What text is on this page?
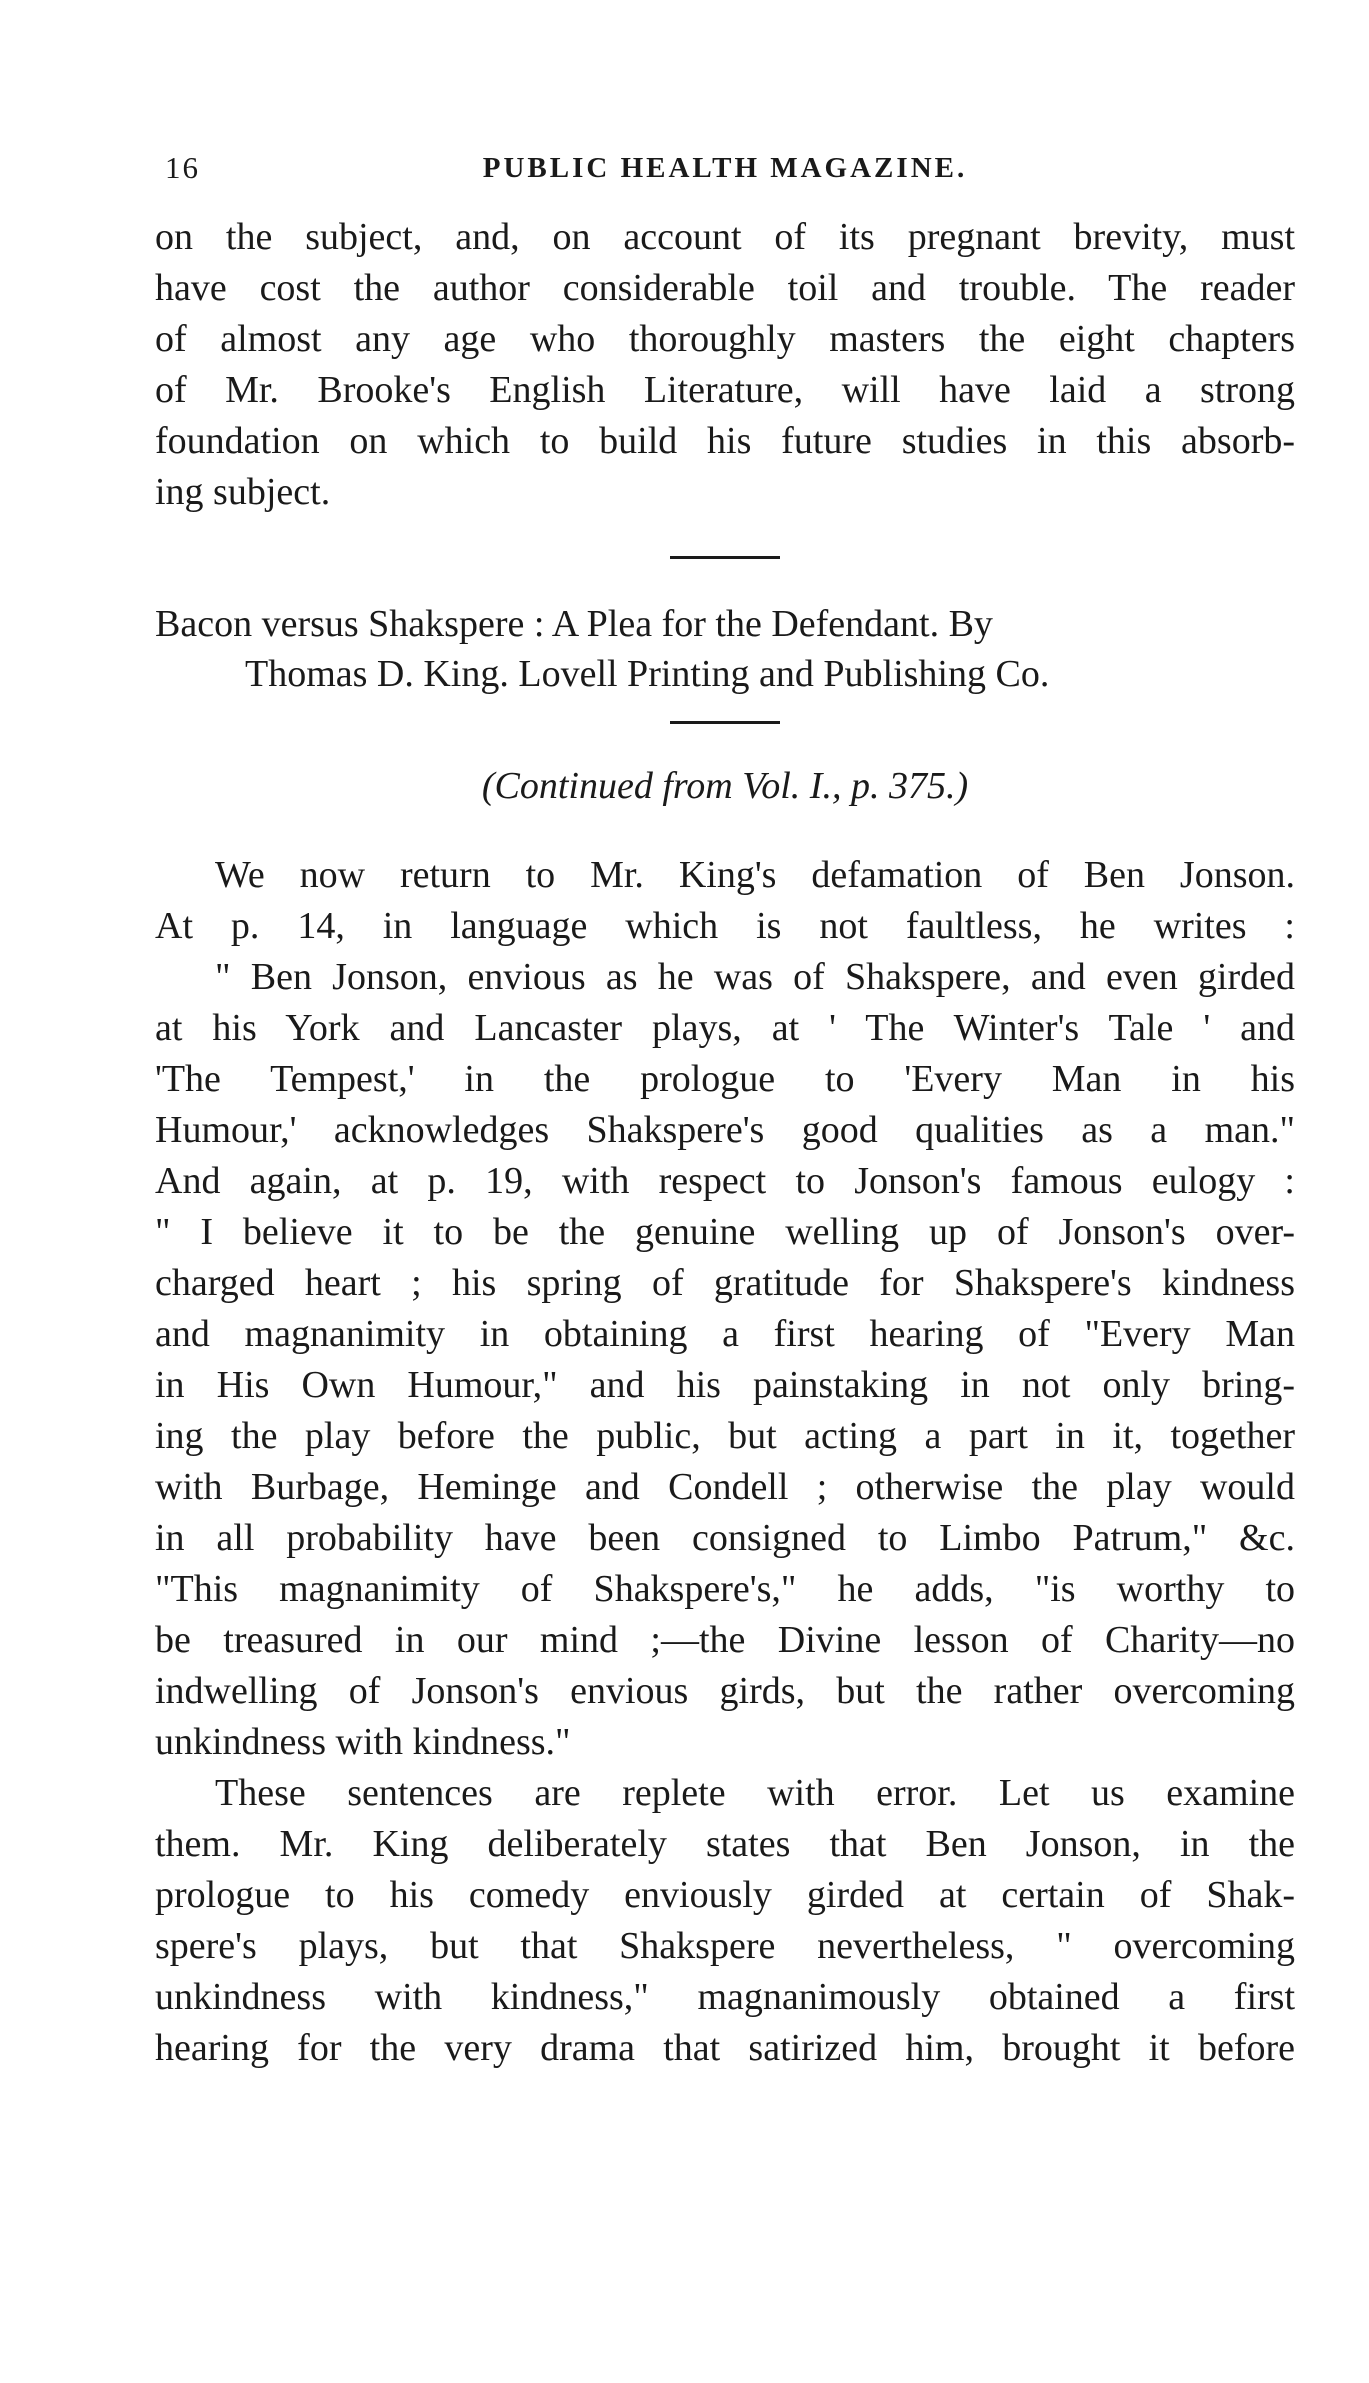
16	PUBLIC HEALTH MAGAZINE.
on the subject, and, on account of its pregnant brevity, must
have cost the author considerable toil and trouble. The reader
of almost any age who thoroughly masters the eight chapters
of Mr. Brooke's English Literature, will have laid a strong
foundation on which to build his future studies in this absorb-
ing subject.
Bacon versus Shakspere : A Plea for the Defendant. By
Thomas D. King. Lovell Printing and Publishing Co.
(Continued from Vol. I., p. 375.)
We now return to Mr. King's defamation of Ben Jonson.
At p. 14, in language which is not faultless, he writes :
" Ben Jonson, envious as he was of Shakspere, and even girded
at his York and Lancaster plays, at ' The Winter's Tale ' and
'The Tempest,' in the prologue to 'Every Man in his
Humour,' acknowledges Shakspere's good qualities as a man."
And again, at p. 19, with respect to Jonson's famous eulogy :
" I believe it to be the genuine welling up of Jonson's over-
charged heart ; his spring of gratitude for Shakspere's kindness
and magnanimity in obtaining a first hearing of "Every Man
in His Own Humour," and his painstaking in not only bring-
ing the play before the public, but acting a part in it, together
with Burbage, Heminge and Condell ; otherwise the play would
in all probability have been consigned to Limbo Patrum," &c.
"This magnanimity of Shakspere's," he adds, "is worthy to
be treasured in our mind ;—the Divine lesson of Charity—no
indwelling of Jonson's envious girds, but the rather overcoming
unkindness with kindness."
These sentences are replete with error. Let us examine
them. Mr. King deliberately states that Ben Jonson, in the
prologue to his comedy enviously girded at certain of Shak-
spere's plays, but that Shakspere nevertheless, " overcoming
unkindness with kindness," magnanimously obtained a first
hearing for the very drama that satirized him, brought it before
